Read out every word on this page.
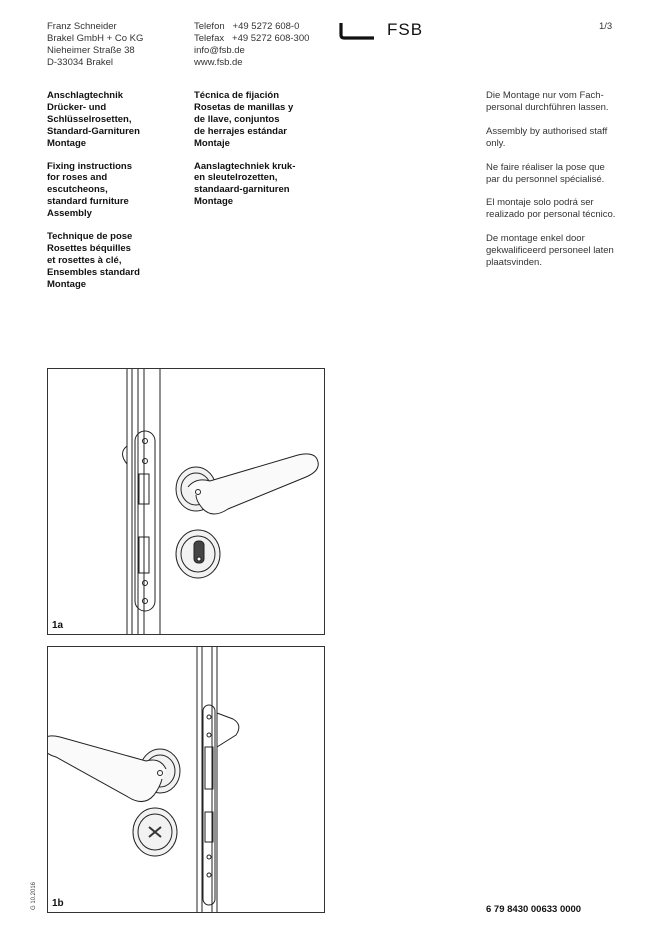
Franz Schneider
Brakel GmbH + Co KG
Nieheimer Straße 38
D-33034 Brakel
Telefon   +49 5272 608-0
Telefax   +49 5272 608-300
info@fsb.de
www.fsb.de
FSB	1/3
Anschlagtechnik
Drücker- und
Schlüsselrosetten,
Standard-Garnituren
Montage
Fixing instructions
for roses and
escutcheons,
standard furniture
Assembly
Technique de pose
Rosettes béquilles
et rosettes à clé,
Ensembles standard
Montage
Técnica de fijación
Rosetas de manillas y
de llave, conjuntos
de herrajes estándar
Montaje
Aanslagtechniek kruk-
en sleutelrozetten,
standaard-garnituren
Montage
Die Montage nur vom Fach-
personal durchführen lassen.
Assembly by authorised staff
only.
Ne faire réaliser la pose que
par du personnel spécialisé.
El montaje solo podrá ser
realizado por personal técnico.
De montage enkel door
gekwalificeerd personeel laten
plaatsvinden.
1a
1b
G 10.2016	6 79 8430 00633 0000
